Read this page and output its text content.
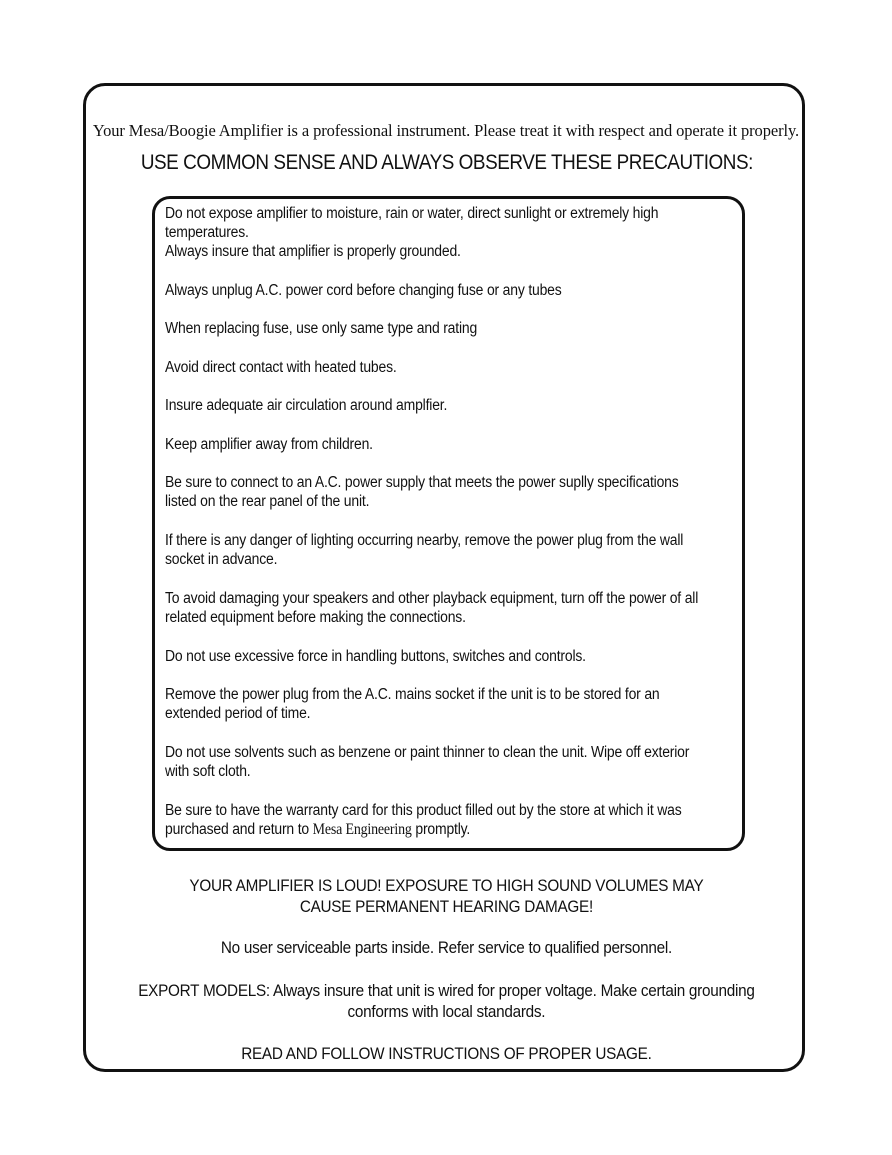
Your Mesa/Boogie Amplifier is a professional instrument. Please treat it with respect and operate it properly.
USE COMMON SENSE AND ALWAYS OBSERVE THESE PRECAUTIONS:
Do not expose amplifier to moisture, rain or water, direct sunlight or extremely high temperatures.
Always insure that amplifier is properly grounded.
Always unplug A.C. power cord before changing fuse or any tubes
When replacing fuse, use only same type and rating
Avoid direct contact with heated tubes.
Insure adequate air circulation around amplfier.
Keep amplifier away from children.
Be sure to connect to an A.C. power supply that meets the power suplly specifications listed on the rear panel of the unit.
If there is any danger of lighting occurring nearby, remove the power plug from the wall socket in advance.
To avoid damaging your speakers and other playback equipment, turn off the power of all related equipment before making the connections.
Do not use excessive force in handling buttons, switches and controls.
Remove the power plug from the A.C. mains socket if the unit is to be stored for an extended period of time.
Do not use solvents such as benzene or paint thinner to clean the unit. Wipe off exterior with soft cloth.
Be sure to have the warranty card for this product filled out by the store at which it was purchased and return to Mesa Engineering promptly.
YOUR AMPLIFIER IS LOUD! EXPOSURE TO HIGH SOUND VOLUMES MAY CAUSE PERMANENT HEARING DAMAGE!
No user serviceable parts inside. Refer service to qualified personnel.
EXPORT MODELS: Always insure that unit is wired for proper voltage. Make certain grounding conforms with local standards.
READ AND FOLLOW INSTRUCTIONS OF PROPER USAGE.
